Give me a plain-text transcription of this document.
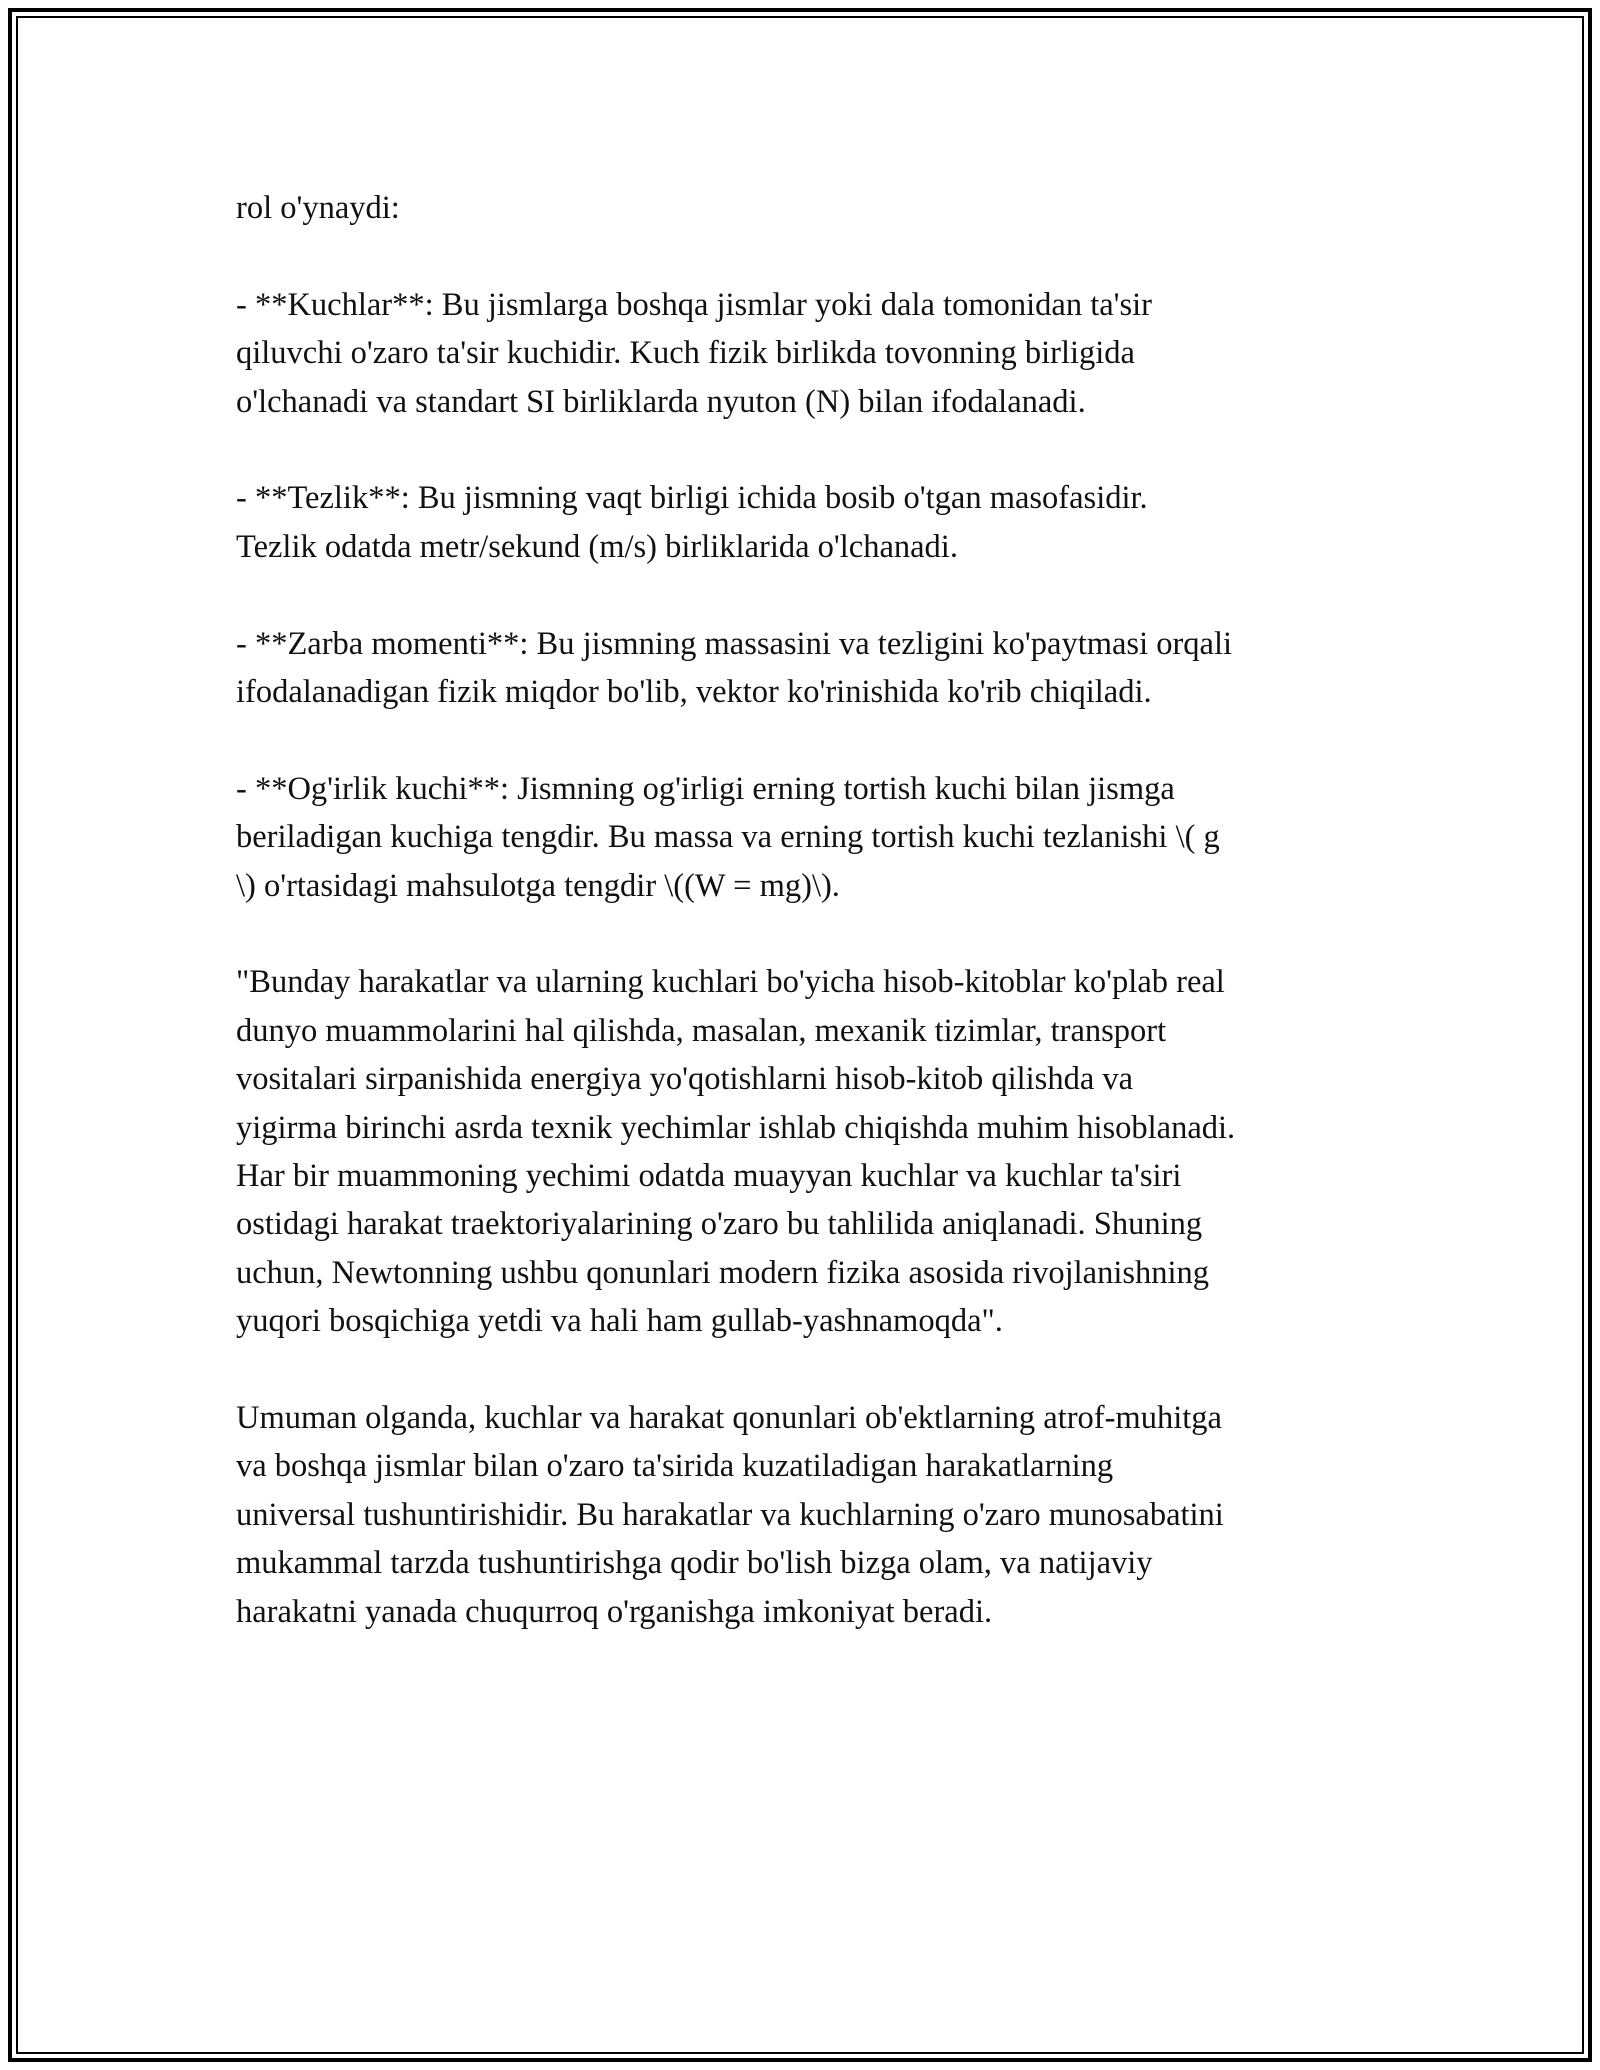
rol o'ynaydi:

- **Kuchlar**: Bu jismlarga boshqa jismlar yoki dala tomonidan ta'sir
qiluvchi o'zaro ta'sir kuchidir. Kuch fizik birlikda tovonning birligida
o'lchanadi va standart SI birliklarda nyuton (N) bilan ifodalanadi.

- **Tezlik**: Bu jismning vaqt birligi ichida bosib o'tgan masofasidir.
Tezlik odatda metr/sekund (m/s) birliklarida o'lchanadi.

- **Zarba momenti**: Bu jismning massasini va tezligini ko'paytmasi orqali
ifodalanadigan fizik miqdor bo'lib, vektor ko'rinishida ko'rib chiqiladi.

- **Og'irlik kuchi**: Jismning og'irligi erning tortish kuchi bilan jismga
beriladigan kuchiga tengdir. Bu massa va erning tortish kuchi tezlanishi \( g
\) o'rtasidagi mahsulotga tengdir \((W = mg)\).

"Bunday harakatlar va ularning kuchlari bo'yicha hisob-kitoblar ko'plab real
dunyo muammolarini hal qilishda, masalan, mexanik tizimlar, transport
vositalari sirpanishida energiya yo'qotishlarni hisob-kitob qilishda va
yigirma birinchi asrda texnik yechimlar ishlab chiqishda muhim hisoblanadi.
Har bir muammoning yechimi odatda muayyan kuchlar va kuchlar ta'siri
ostidagi harakat traektoriyalarining o'zaro bu tahlilida aniqlanadi. Shuning
uchun, Newtonning ushbu qonunlari modern fizika asosida rivojlanishning
yuqori bosqichiga yetdi va hali ham gullab-yashnamoqda".

Umuman olganda, kuchlar va harakat qonunlari ob'ektlarning atrof-muhitga
va boshqa jismlar bilan o'zaro ta'sirida kuzatiladigan harakatlarning
universal tushuntirishidir. Bu harakatlar va kuchlarning o'zaro munosabatini
mukammal tarzda tushuntirishga qodir bo'lish bizga olam, va natijaviy
harakatni yanada chuqurroq o'rganishga imkoniyat beradi.
